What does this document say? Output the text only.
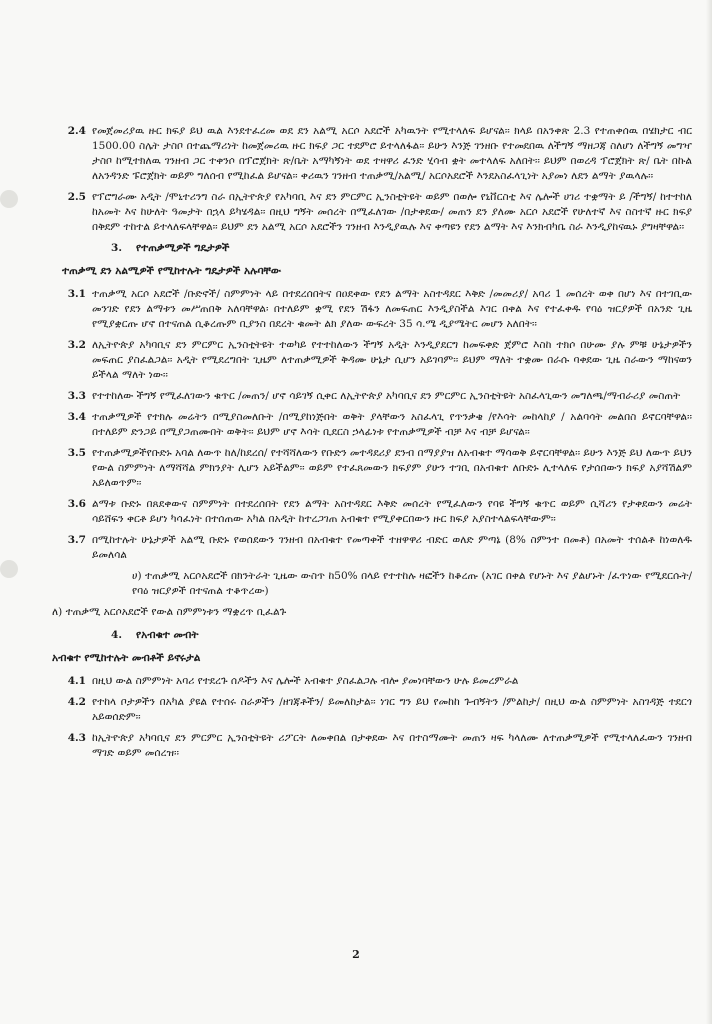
2.4 የመጀመሪያዉ ዙር ክፍያ ይህ ዉል እንደተፈረመ ወደ ደን አልሚ አርሶ አደሮች አካዉንት የሚተላለፍ ይሆናል፡፡ ክላይ በአንቀጽ 2.3 የተጠቀሰዉ በሄክታር ብር 1500.00 ስሌት ታስቦ በተጨማሪነት ከመጀመሪዉ ዙር ክፍያ ጋር ተደምሮ ይተላለፋል፡፡ ይሁን እንጅ ገንዘቡ የተመደበዉ ለችግኝ ማዘጋጃ ስለሆነ ለችግኝ መግዣ ታስቦ ከሚተክለዉ ገንዘብ ጋር ተቀንሶ በፕሮጀክት ጽ/ቤት አማካኝነት ወደ ተዛዋሪ ፈንድ ሂሳብ ቋት መተላለፍ አለበት፡፡ ይህም በወረዳ ፕሮጀክት ጽ/ ቤት በኩል ለአንዳንድ ፑሮጀክት ወይም ግለሰብ የሚከፈል ይሆናል፡፡ ቀሪዉን ገንዘብ ተጠቃሚ/አልሚ/ አርሶአደሮች እንደአስፈላጊነት አያመነ ለደን ልማት ያዉላሉ፡፡
2.5 የፕሮግራሙ አዲት /ሞኒተሪንግ ስራ በኢትዮጵያ የአካባቢ እና ደን ምርምር ኢንስቲትዩት ወይም በወሎ የኒቨርስቲ እና ሌሎች ሀገሪ ተቋማት ይ /ችግኝ/ ከተተከለ ከአመት እና ከሁለት ዓመታት በኋላ ይካሄዳል፡፡ በዚህ ግኝት መሰረት በሚፈለገው /በታቀደው/ መጠን ደን ያለሙ አርሶ አደሮች የሁለተኛ እና ስስተኛ ዙር ክፍያ በቅደም ተከተል ይተላለፍላቸዋል፡፡ ይህም ደን አልሚ አርሶ አደሮችን ገንዘብ እንዲያዉሉ እና ቀጣዩን የደን ልማት እና እንክብካቤ ስራ እንዲያከናዉኑ ያግዛቸዋል፡፡
3.	የተጠቃሚዎች ግዴታዎች
ተጠቃሚ ደን አልሚዎች የሚከተሉት ግዴታዎች አሉባቸው
3.1 ተጠቃሚ አርሶ አደሮች /ቡድኖች/ ስምምነት ላይ በተደረሰበትና በዐደቀው የደን ልማት አስተዳደር እቅድ /መመሪያ/ አባሪ 1 መሰረት ወቀ በሆነ እና በተገቢው መንገድ የደን ልማቱን መሥጠበቅ አለባቸዋል፡ በተለይም ቋሚ የደን ሽፋን ለመፍጠር እንዲያስችል እገር በቀል እና የተፈቀዱ የባዕ ዝርያዎች በአንድ ጊዜ የሚያቋርጡ ሆኖ በተናጠል ሲቆረጡም ቢያንስ በደረት ቁመት ልክ ያለው ውፍረት 35 ሳ.ሜ ዲያሜትር መሆን አለበት፡፡
3.2 ለኢትዮጵያ አካባቢና ደን ምርምር ኢንስቲትዩት ተወካይ የተተከለውን ችግኝ አዲት እንዲያደርግ ከመፍቀድ ጀምሮ እስከ ተክሶ በሁሙ ያሉ ምቹ ሁኔታዎችን መፍጠር ያስፈልጋል፡፡ አዲት የሚደረግበት ጊዜም ለተጠቃሚዎች ቅዳሙ ሁኔታ ሲሆን አይገባም፡፡ ይህም ማለት ተቋሙ በራሱ ባቀደው ጊዜ ስራውን ማከናወን ይችላል ማለት ነው፡፡
3.3 የተተከለው ችግኝ የሚፈለገውን ቁጥር /መጠን/ ሆኖ ሳይገኝ ሲቀር ለኢትዮጵያ አካባቢና ደን ምርምር ኢንስቲትዩት አስፈላጊውን መግለጫ/ማብራሪያ መስጠት
3.4 ተጠቃሚዎች የተክሉ መሬትን በሚያስመለቡት /በሚያከነጅበት ወቅት ያላቸውን አስፈላጊ የጥንቃቄ /የእሳት መከላከያ / አልባሳት መልበስ ይኖርባቸዋል፡፡ በተለይም ድንጋይ በሚያጋጠሙበት ወቅት፡፡ ይህም ሆኖ እሳት ቢደርስ ኃላፊነቱ የተጠቃሚዎች ብቻ እና ብቻ ይሆናል፡፡
3.5 የተጠቃሚዎችየቡድኑ አባል ለውጥ ከለ/ከደረሰ/ የተሻሻለውን የቡድን መተዳደሪያ ደንብ በማያያዝ ለአብቁተ ማሳወቅ ይኖርባቸዋል፡፡ ይሁን እንጅ ይህ ለውጥ ይህን የውል ስምምነት ለማሻሻል ምክንያት ሊሆን አይችልም፡፡ ወይም የተፈጸመውን ክፍያም ያሁን ተገቢ በአብቁተ ለቡድኑ ሊተላለፍ የታሰበውን ክፍያ አያሻሽልም አይለወጥም፡፡
3.6 ልማቱ ቡድኑ በጸደቀውና ስምምነት በተደረሰበት የደን ልማት አስተዳደር እቅድ መሰረት የሚፈለውን የባዩ ችግኝ ቁጥር ወይም ሲሻሪን የታቀደውን መሬት ሳይሸፍን ቀርቶ ይሆነ ካሳፈነት በተሰጠው አካል በአዲት ከተረጋገጠ አብቁተ የሚያቀርበውን ዙር ክፍያ አያስተላልፍላቸውም፡፡
3.7 በሚከተሉት ሁኔታዎች አልሚ ቡድኑ የወሰደውን ገንዘብ በአብቁተ የመጣቀች ተዘዋዋሪ ብድር ወለድ ምጣኔ (8% ስምንተ በመቶ) በአመት ተሰልቶ ከነወለዱ ይመለሳል
ሀ) ተጠቃሚ አርሶአደሮች በክንትራት ጊዜው ውስጥ ከ50% በላይ የተተከሉ ዛፎችን ከቆረጡ (አገር በቀል የሆኑት እና ያልሆኑት /ፈጥነው የሚደርሱት/ የባዕ ዝርያዎች በተናጠል ተቆጥረው)
ለ) ተጠቃሚ አርሶአደሮች የውል ስምምነቱን ማቋረጥ ቢፈልጉ
4.	የአብቁተ መብት
አብቁተ የሚከተሉት መብቶች ይኖሩታል
4.1 በዚህ ውል ስምምነት አባሪ የተደረጉ ሰዶችን እና ሌሎች አብቁተ ያስፈልጋሉ ብሎ ያመነባቸውን ሁሉ ይመረምራል
4.2 የተከላ ቦታዎችን በአካል ያዩል የተሰሩ ስራዎችን /ዘገጃቶችን/ ይመለከታል፡፡ ነገር ግን ይህ የመከከ ጉብኝትን /ምልከታ/ በዚህ ውል ስምምነት አስገዳጅ ተደርጎ አይወሰድም፡፡
4.3 ከኢትዮጵያ አካባቢና ደን ምርምር ኢንስቲትዩት ሪፖርት ለመቀበል በታቀደው እና በተስማሙት መጠን ዛፍ ካላለሙ ለተጠቃሚዎች የሚተላለፈውን ገንዘብ ማገድ ወይም መሰረዝ፡፡
2
